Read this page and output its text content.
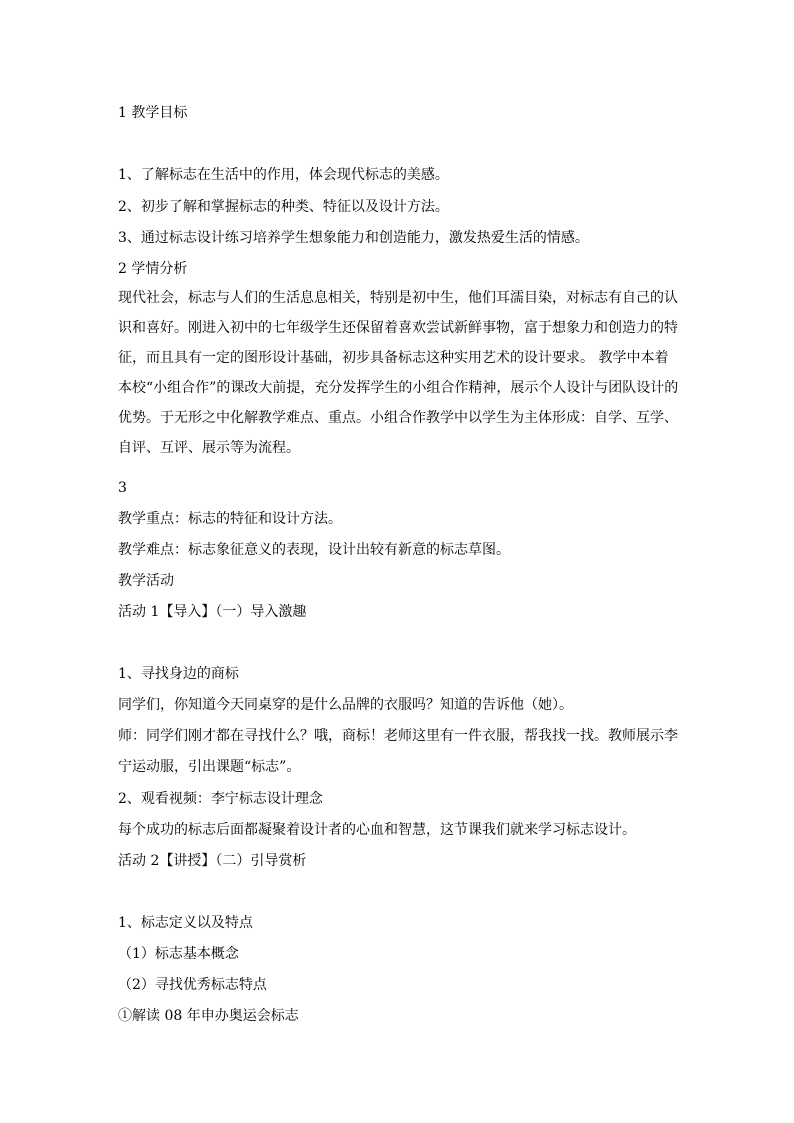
1 教学目标

1、了解标志在生活中的作用，体会现代标志的美感。

2、初步了解和掌握标志的种类、特征以及设计方法。

3、通过标志设计练习培养学生想象能力和创造能力，激发热爱生活的情感。

2 学情分析

现代社会，标志与人们的生活息息相关，特别是初中生，他们耳濡目染，对标志有自己的认
识和喜好。刚进入初中的七年级学生还保留着喜欢尝试新鲜事物，富于想象力和创造力的特
征，而且具有一定的图形设计基础，初步具备标志这种实用艺术的设计要求。 教学中本着
本校“小组合作”的课改大前提，充分发挥学生的小组合作精神，展示个人设计与团队设计的
优势。于无形之中化解教学难点、重点。小组合作教学中以学生为主体形成：自学、互学、
自评、互评、展示等为流程。

3

教学重点：标志的特征和设计方法。

教学难点：标志象征意义的表现，设计出较有新意的标志草图。

教学活动

活动 1【导入】（一）导入激趣

1、寻找身边的商标

同学们，你知道今天同桌穿的是什么品牌的衣服吗？知道的告诉他（她）。

师：同学们刚才都在寻找什么？哦，商标！老师这里有一件衣服，帮我找一找。教师展示李

宁运动服，引出课题“标志”。

2、观看视频：李宁标志设计理念

每个成功的标志后面都凝聚着设计者的心血和智慧，这节课我们就来学习标志设计。

活动 2【讲授】（二）引导赏析

1、标志定义以及特点

（1）标志基本概念

（2）寻找优秀标志特点

①解读 08 年申办奥运会标志
